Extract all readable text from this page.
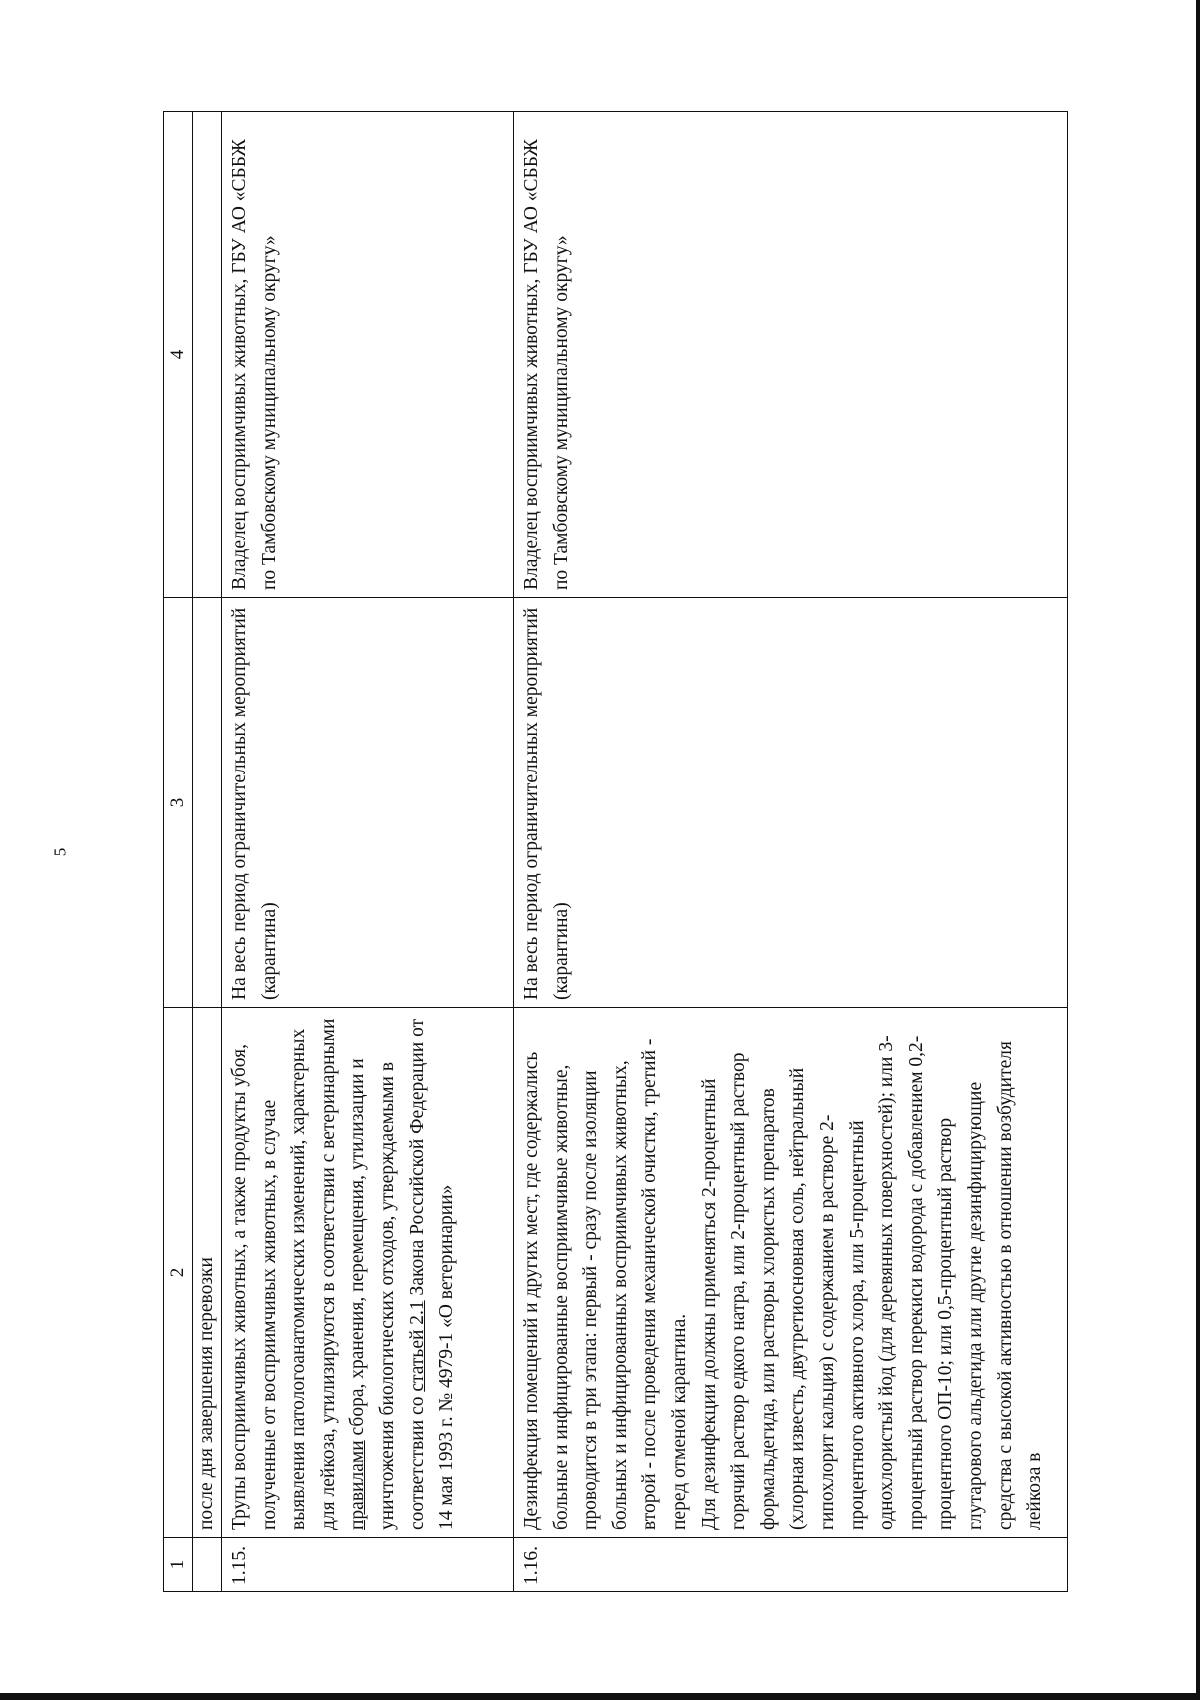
5
1	2	3	4
	после дня завершения перевозки		
1.15.	Трупы восприимчивых животных, а также продукты убоя, полученные от восприимчивых животных, в случае выявления патологоанатомических изменений, характерных для лейкоза, утилизируются в соответствии с ветеринарными правилами сбора, хранения, перемещения, утилизации и уничтожения биологических отходов, утверждаемыми в соответствии со статьей 2.1 Закона Российской Федерации от 14 мая 1993 г. № 4979-1 «О ветеринарии»	На весь период ограничительных мероприятий (карантина)	Владелец восприимчивых животных, ГБУ АО «СББЖ по Тамбовскому муниципальному округу»
1.16.	Дезинфекция помещений и других мест, где содержались больные и инфицированные восприимчивые животные, проводится в три этапа: первый - сразу после изоляции больных и инфицированных восприимчивых животных, второй - после проведения механической очистки, третий - перед отменой карантина. Для дезинфекции должны применяться 2-процентный горячий раствор едкого натра, или 2-процентный раствор формальдегида, или растворы хлористых препаратов (хлорная известь, двутретиосновная соль, нейтральный гипохлорит кальция) с содержанием в растворе 2-процентного активного хлора, или 5-процентный однохлористый йод (для деревянных поверхностей); или 3-процентный раствор перекиси водорода с добавлением 0,2-процентного ОП-10; или 0,5-процентный раствор глутарового альдегида или другие дезинфицирующие средства с высокой активностью в отношении возбудителя лейкоза в	На весь период ограничительных мероприятий (карантина)	Владелец восприимчивых животных, ГБУ АО «СББЖ по Тамбовскому муниципальному округу»
